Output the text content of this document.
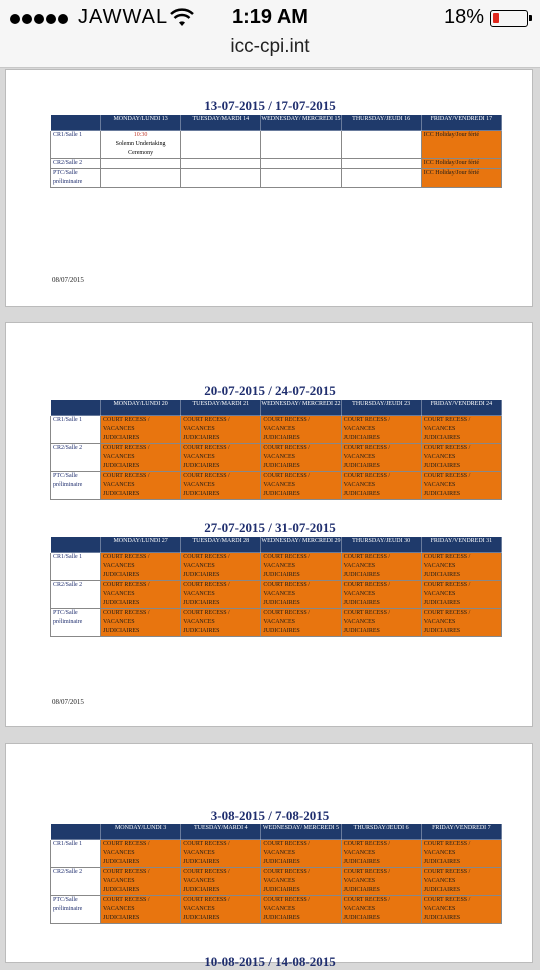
JAWWAL	1:19 AM	18%
icc-cpi.int
13-07-2015 / 17-07-2015
	MONDAY/LUNDI 13	TUESDAY/MARDI 14	WEDNESDAY/ MERCREDI 15	THURSDAY/JEUDI 16	FRIDAY/VENDREDI 17
CR1/Salle 1	10:30
Solemn Undertaking Ceremony				ICC Holiday/Jour férié
CR2/Salle 2					ICC Holiday/Jour férié
PTC/Salle préliminaire					ICC Holiday/Jour férié
08/07/2015
20-07-2015 / 24-07-2015
	MONDAY/LUNDI 20	TUESDAY/MARDI 21	WEDNESDAY/ MERCREDI 22	THURSDAY/JEUDI 23	FRIDAY/VENDREDI 24
CR1/Salle 1	COURT RECESS /
VACANCES
JUDICIAIRES	COURT RECESS /
VACANCES
JUDICIAIRES	COURT RECESS /
VACANCES
JUDICIAIRES	COURT RECESS /
VACANCES
JUDICIAIRES	COURT RECESS /
VACANCES
JUDICIAIRES

CR2/Salle 2	COURT RECESS /
VACANCES
JUDICIAIRES	COURT RECESS /
VACANCES
JUDICIAIRES	COURT RECESS /
VACANCES
JUDICIAIRES	COURT RECESS /
VACANCES
JUDICIAIRES	COURT RECESS /
VACANCES
JUDICIAIRES

PTC/Salle préliminaire	COURT RECESS /
VACANCES
JUDICIAIRES	COURT RECESS /
VACANCES
JUDICIAIRES	COURT RECESS /
VACANCES
JUDICIAIRES	COURT RECESS /
VACANCES
JUDICIAIRES	COURT RECESS /
VACANCES
JUDICIAIRES
27-07-2015 / 31-07-2015
	MONDAY/LUNDI 27	TUESDAY/MARDI 28	WEDNESDAY/ MERCREDI 29	THURSDAY/JEUDI 30	FRIDAY/VENDREDI 31
CR1/Salle 1	COURT RECESS /
VACANCES
JUDICIAIRES	COURT RECESS /
VACANCES
JUDICIAIRES	COURT RECESS /
VACANCES
JUDICIAIRES	COURT RECESS /
VACANCES
JUDICIAIRES	COURT RECESS /
VACANCES
JUDICIAIRES

CR2/Salle 2	COURT RECESS /
VACANCES
JUDICIAIRES	COURT RECESS /
VACANCES
JUDICIAIRES	COURT RECESS /
VACANCES
JUDICIAIRES	COURT RECESS /
VACANCES
JUDICIAIRES	COURT RECESS /
VACANCES
JUDICIAIRES

PTC/Salle préliminaire	COURT RECESS /
VACANCES
JUDICIAIRES	COURT RECESS /
VACANCES
JUDICIAIRES	COURT RECESS /
VACANCES
JUDICIAIRES	COURT RECESS /
VACANCES
JUDICIAIRES	COURT RECESS /
VACANCES
JUDICIAIRES
08/07/2015
3-08-2015 / 7-08-2015
	MONDAY/LUNDI 3	TUESDAY/MARDI 4	WEDNESDAY/ MERCREDI 5	THURSDAY/JEUDI 6	FRIDAY/VENDREDI 7
CR1/Salle 1	COURT RECESS /
VACANCES
JUDICIAIRES	COURT RECESS /
VACANCES
JUDICIAIRES	COURT RECESS /
VACANCES
JUDICIAIRES	COURT RECESS /
VACANCES
JUDICIAIRES	COURT RECESS /
VACANCES
JUDICIAIRES

CR2/Salle 2	COURT RECESS /
VACANCES
JUDICIAIRES	COURT RECESS /
VACANCES
JUDICIAIRES	COURT RECESS /
VACANCES
JUDICIAIRES	COURT RECESS /
VACANCES
JUDICIAIRES	COURT RECESS /
VACANCES
JUDICIAIRES

PTC/Salle préliminaire	COURT RECESS /
VACANCES
JUDICIAIRES	COURT RECESS /
VACANCES
JUDICIAIRES	COURT RECESS /
VACANCES
JUDICIAIRES	COURT RECESS /
VACANCES
JUDICIAIRES	COURT RECESS /
VACANCES
JUDICIAIRES
10-08-2015 / 14-08-2015
